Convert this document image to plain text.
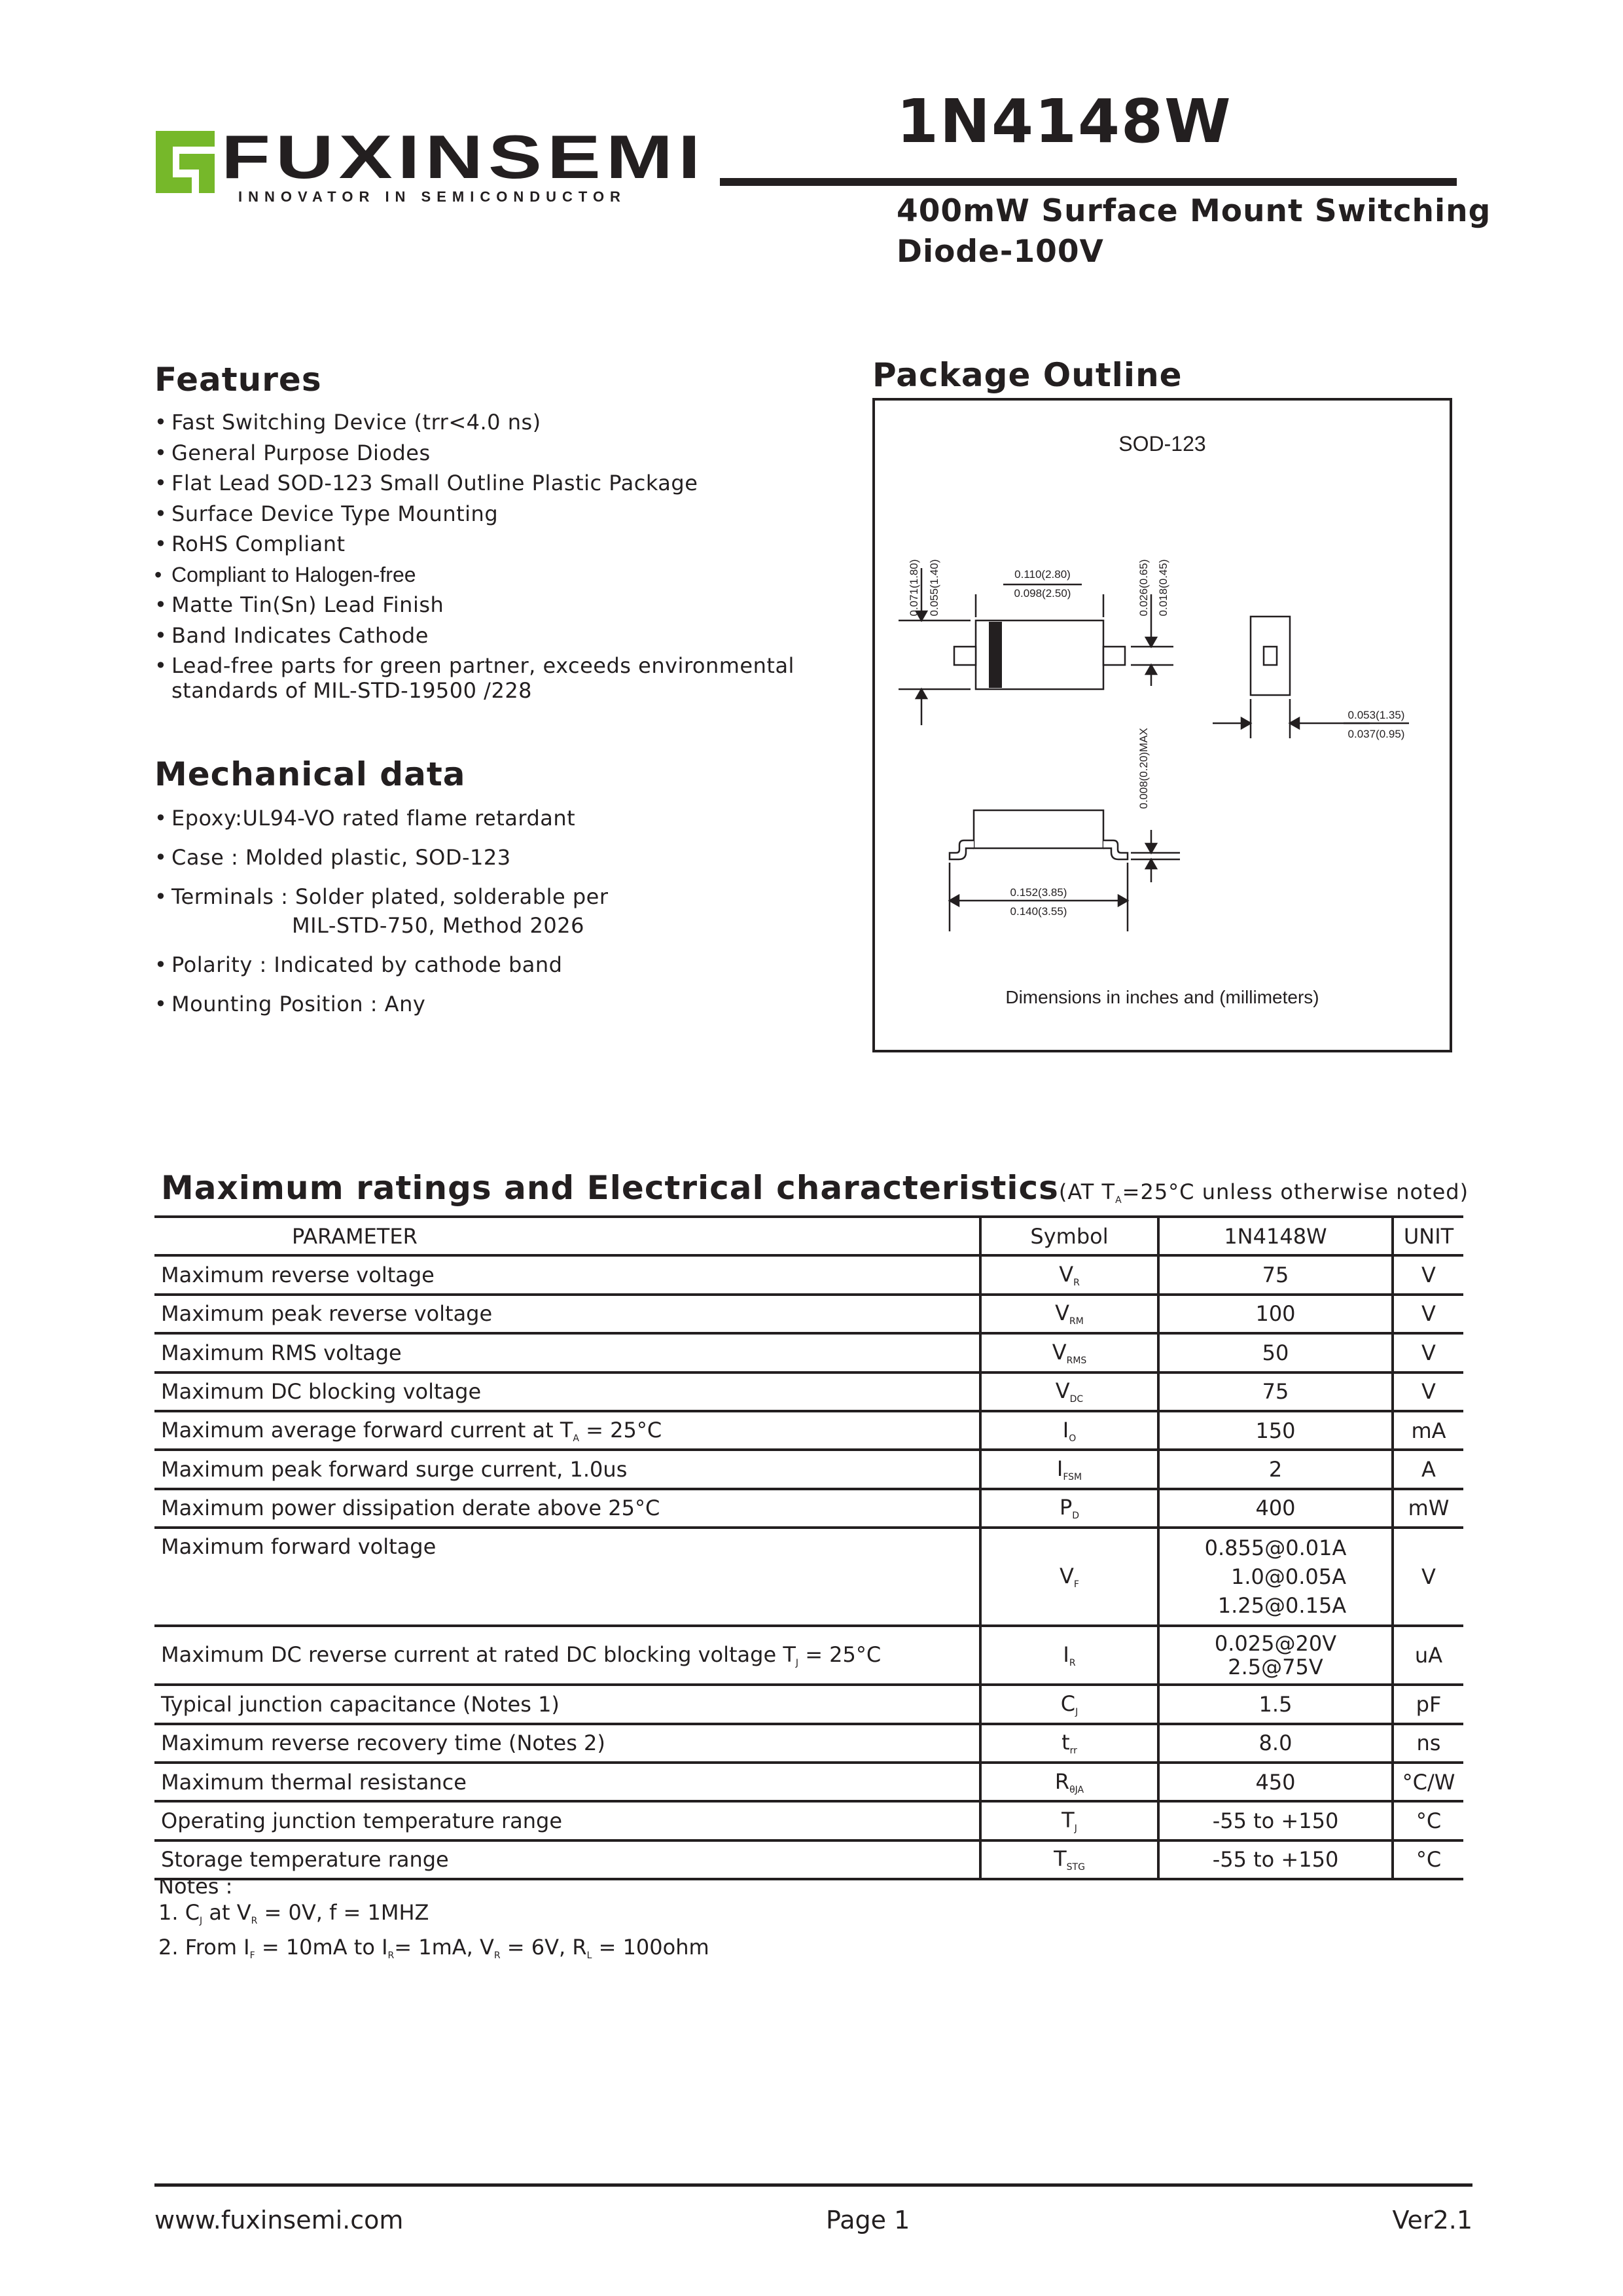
FUXINSEMI
INNOVATOR IN SEMICONDUCTOR
1N4148W
400mW Surface Mount Switching
Diode-100V
Features
• Fast Switching Device (trr<4.0 ns)
• General Purpose Diodes
• Flat Lead SOD-123 Small Outline Plastic Package
• Surface Device Type Mounting
• RoHS Compliant
• Compliant to Halogen-free
• Matte Tin(Sn) Lead Finish
• Band Indicates Cathode
• Lead-free parts for green partner, exceeds environmental standards of MIL-STD-19500 /228
Mechanical data
• Epoxy:UL94-VO rated flame retardant
• Case : Molded plastic, SOD-123
• Terminals : Solder plated, solderable per
MIL-STD-750, Method 2026
• Polarity : Indicated by cathode band
• Mounting Position : Any
Package Outline
SOD-123
0.071(1.80) 0.055(1.40)	0.110(2.80)
0.098(2.50)	0.026(0.65) 0.018(0.45)
0.053(1.35)
0.037(0.95)
0.152(3.85)
0.140(3.55)
0.008(0.20)MAX
Dimensions in inches and (millimeters)
Maximum ratings and Electrical characteristics(AT $T_A=25^\circ C$ unless otherwise noted)
PARAMETER	Symbol	1N4148W	UNIT
Maximum reverse voltage	$V_R$	75	V
Maximum peak reverse voltage	$V_{RM}$	100	V
Maximum RMS voltage	$V_{RMS}$	50	V
Maximum DC blocking voltage	$V_{DC}$	75	V
Maximum average forward current at $T_A = 25^\circ C$	$I_O$	150	mA
Maximum peak forward surge current, 1.0us	$I_{FSM}$	2	A
Maximum power dissipation derate above 25°C	$P_D$	400	mW
Maximum forward voltage	$V_F$	0.855@0.01A
1.0@0.05A
1.25@0.15A	V
Maximum DC reverse current at rated DC blocking voltage $T_J = 25^\circ C$	$I_R$	0.025@20V
2.5@75V	uA
Typical junction capacitance (Notes 1)	$C_J$	1.5	pF
Maximum reverse recovery time (Notes 2)	$t_{rr}$	8.0	ns
Maximum thermal resistance	$R_{\theta JA}$	450	°C/W
Operating junction temperature range	$T_J$	-55 to +150	°C
Storage temperature range	$T_{STG}$	-55 to +150	°C
Notes :
1. $C_J$ at $V_R = 0V$, f = 1MHZ
2. From $I_F = 10mA$ to $I_R= 1mA$, $V_R = 6V$, $R_L = 100ohm$
www.fuxinsemi.com	Page 1	Ver2.1
